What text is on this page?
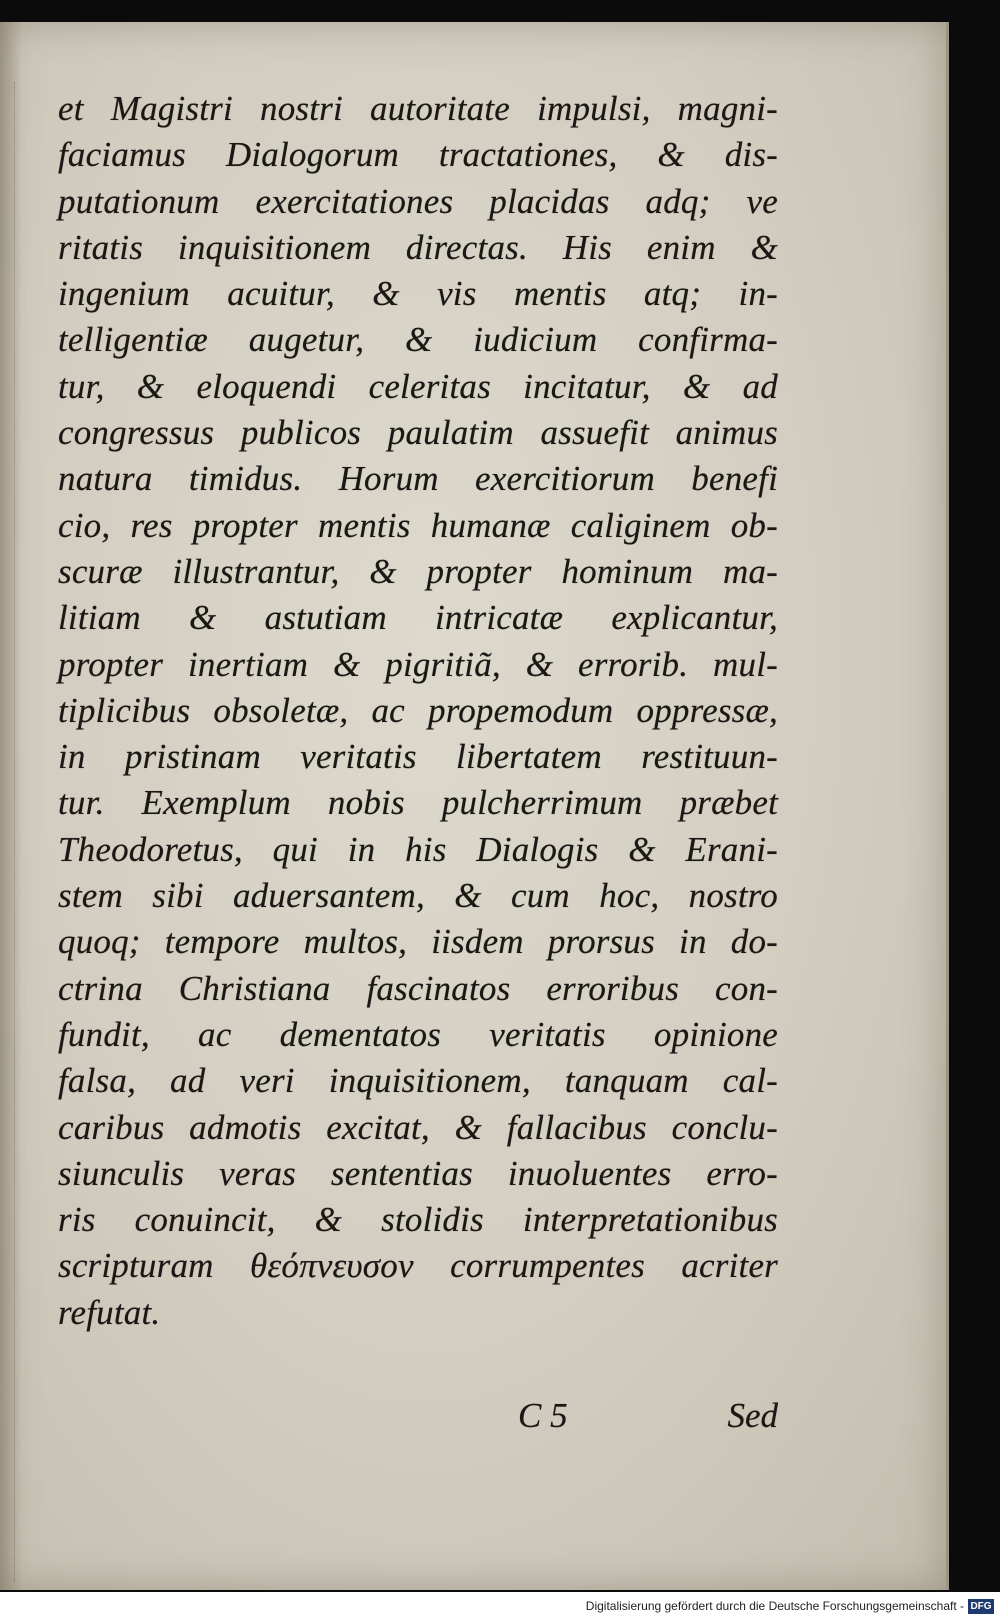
et Magistri nostri autoritate impulsi, magni-
faciamus Dialogorum tractationes, & dis-
putationum exercitationes placidas adq; ve
ritatis inquisitionem directas. His enim &
ingenium acuitur, & vis mentis atq; in-
telligentiæ augetur, & iudicium confirma-
tur, & eloquendi celeritas incitatur, & ad
congressus publicos paulatim assuefit animus
natura timidus. Horum exercitiorum benefi
cio, res propter mentis humanæ caliginem ob-
scuræ illustrantur, & propter hominum ma-
litiam & astutiam intricatæ explicantur,
propter inertiam & pigritiã, & errorib. mul-
tiplicibus obsoletæ, ac propemodum oppressæ,
in pristinam veritatis libertatem restituun-
tur. Exemplum nobis pulcherrimum præbet
Theodoretus, qui in his Dialogis & Erani-
stem sibi aduersantem, & cum hoc, nostro
quoq; tempore multos, iisdem prorsus in do-
ctrina Christiana fascinatos erroribus con-
fundit, ac dementatos veritatis opinione
falsa, ad veri inquisitionem, tanquam cal-
caribus admotis excitat, & fallacibus conclu-
siunculis veras sententias inuoluentes erro-
ris conuincit, & stolidis interpretationibus
scripturam θεόπνευσον corrumpentes acriter
refutat.
C 5	Sed
Digitalisierung gefördert durch die Deutsche Forschungsgemeinschaft - DFG
